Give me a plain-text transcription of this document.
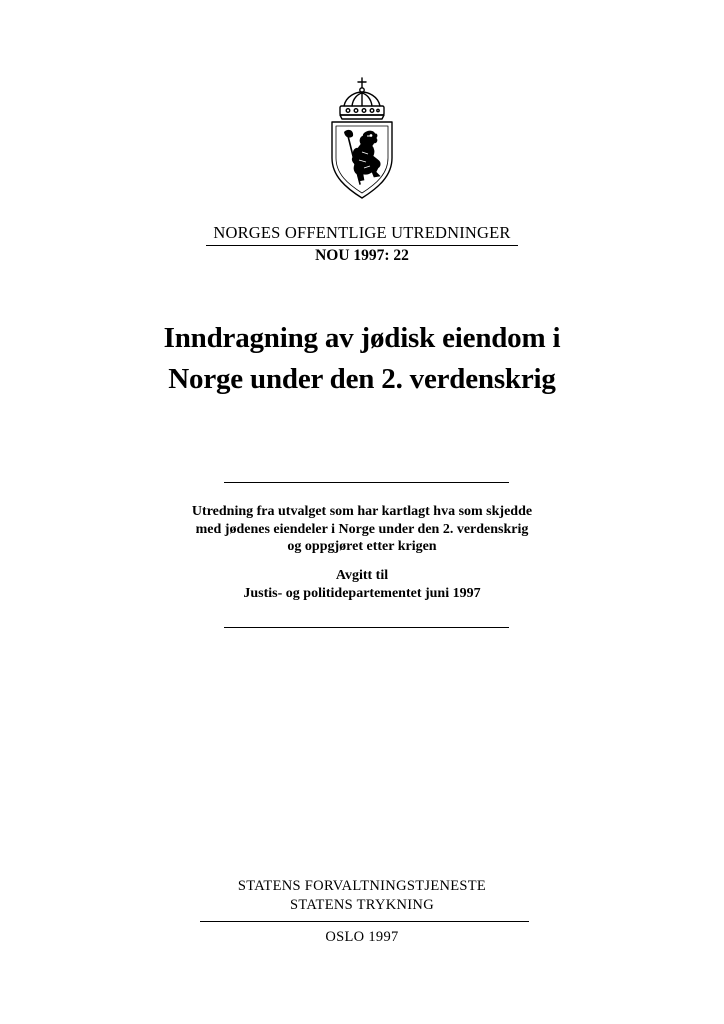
NORGES OFFENTLIGE UTREDNINGER
NOU 1997: 22
Inndragning av jødisk eiendom i
Norge under den 2. verdenskrig
Utredning fra utvalget som har kartlagt hva som skjedde
med jødenes eiendeler i Norge under den 2. verdenskrig
og oppgjøret etter krigen
Avgitt til
Justis- og politidepartementet juni 1997
STATENS FORVALTNINGSTJENESTE
STATENS TRYKNING
OSLO 1997
